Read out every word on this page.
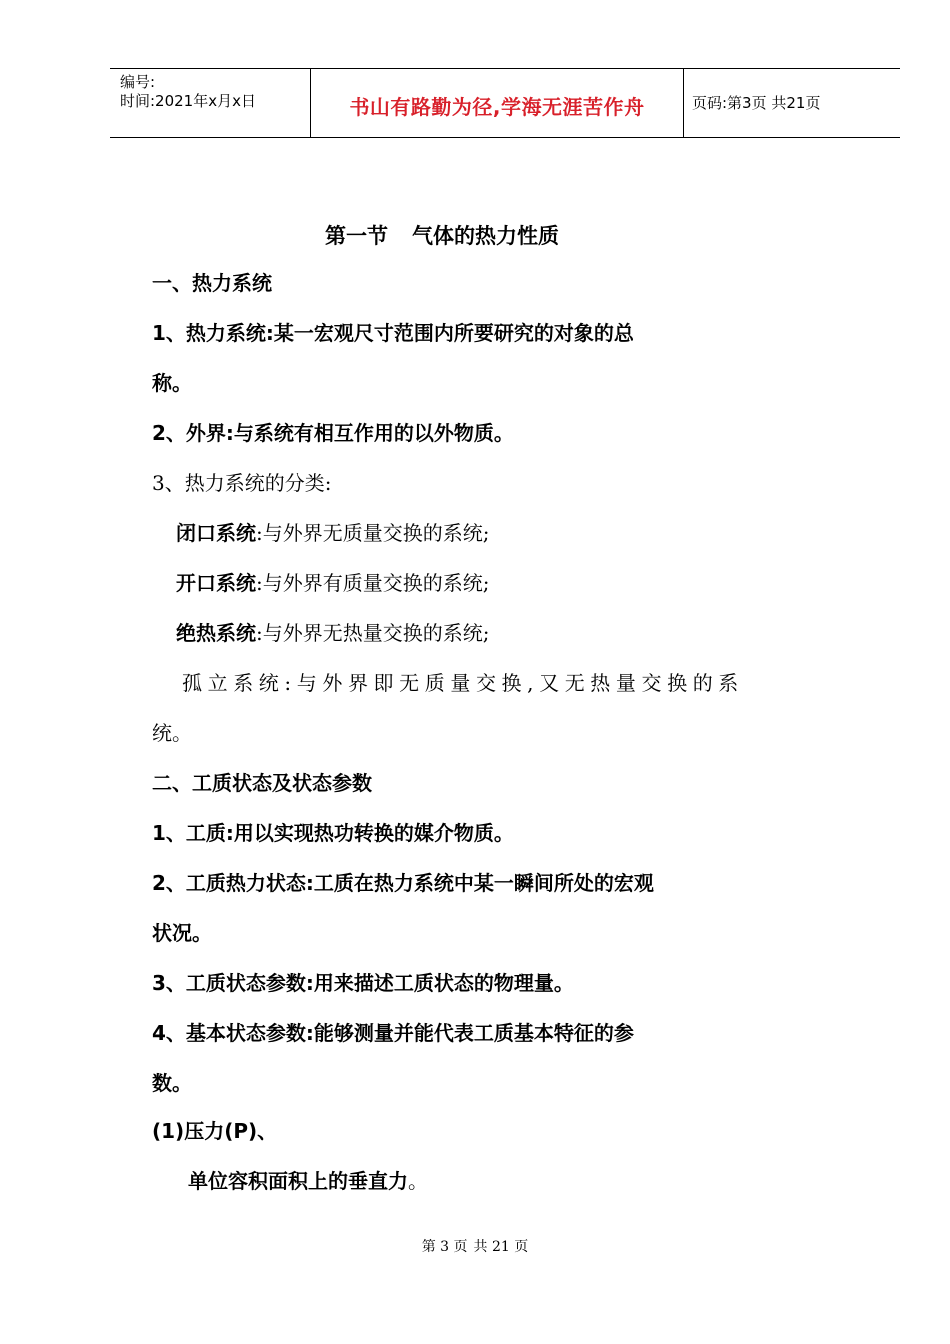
编号:
时间:2021年x月x日	书山有路勤为径,学海无涯苦作舟	页码:第3页 共21页
第一节 气体的热力性质
一、热力系统
1、热力系统:某一宏观尺寸范围内所要研究的对象的总
称。
2、外界:与系统有相互作用的以外物质。
3、热力系统的分类:
闭口系统:与外界无质量交换的系统;
开口系统:与外界有质量交换的系统;
绝热系统:与外界无热量交换的系统;
孤立系统:与外界即无质量交换,又无热量交换的系
统。
二、工质状态及状态参数
1、工质:用以实现热功转换的媒介物质。
2、工质热力状态:工质在热力系统中某一瞬间所处的宏观
状况。
3、工质状态参数:用来描述工质状态的物理量。
4、基本状态参数:能够测量并能代表工质基本特征的参
数。
(1)压力(P)、
单位容积面积上的垂直力。
第 3 页 共 21 页
